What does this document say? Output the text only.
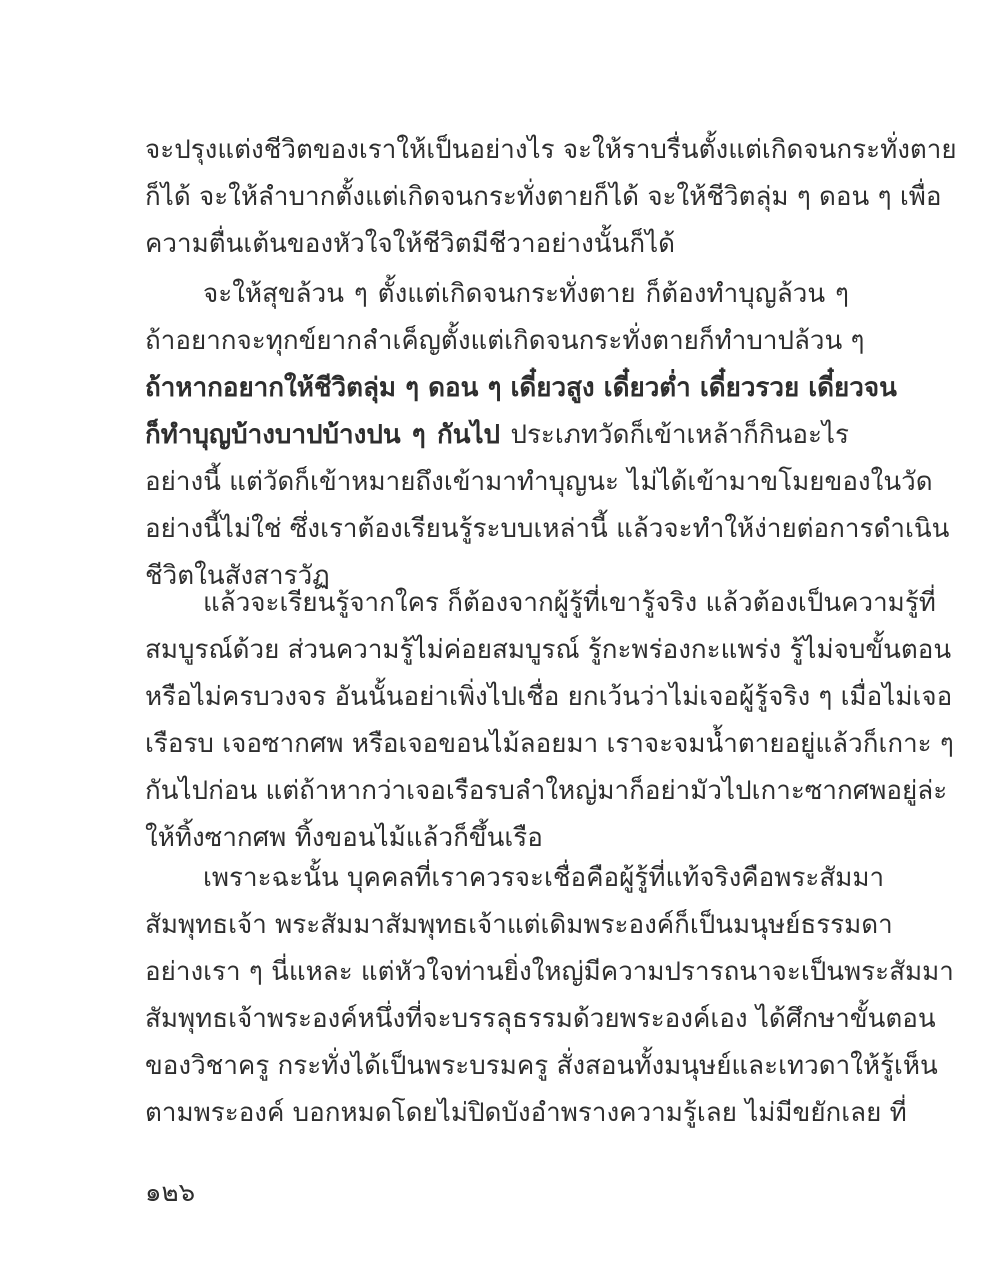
จะปรุงแต่งชีวิตของเราให้เป็นอย่างไร จะให้ราบรื่นตั้งแต่เกิดจนกระทั่งตาย
ก็ได้ จะให้ลำบากตั้งแต่เกิดจนกระทั่งตายก็ได้ จะให้ชีวิตลุ่ม ๆ ดอน ๆ เพื่อ
ความตื่นเต้นของหัวใจให้ชีวิตมีชีวาอย่างนั้นก็ได้
จะให้สุขล้วน ๆ ตั้งแต่เกิดจนกระทั่งตาย ก็ต้องทำบุญล้วน ๆ
ถ้าอยากจะทุกข์ยากลำเค็ญตั้งแต่เกิดจนกระทั่งตายก็ทำบาปล้วน ๆ
ถ้าหากอยากให้ชีวิตลุ่ม ๆ ดอน ๆ เดี๋ยวสูง เดี๋ยวต่ำ เดี๋ยวรวย เดี๋ยวจน
ก็ทำบุญบ้างบาปบ้างปน ๆ กันไป ประเภทวัดก็เข้าเหล้าก็กินอะไร
อย่างนี้ แต่วัดก็เข้าหมายถึงเข้ามาทำบุญนะ ไม่ได้เข้ามาขโมยของในวัด
อย่างนี้ไม่ใช่ ซึ่งเราต้องเรียนรู้ระบบเหล่านี้ แล้วจะทำให้ง่ายต่อการดำเนิน
ชีวิตในสังสารวัฏ
แล้วจะเรียนรู้จากใคร ก็ต้องจากผู้รู้ที่เขารู้จริง แล้วต้องเป็นความรู้ที่
สมบูรณ์ด้วย ส่วนความรู้ไม่ค่อยสมบูรณ์ รู้กะพร่องกะแพร่ง รู้ไม่จบขั้นตอน
หรือไม่ครบวงจร อันนั้นอย่าเพิ่งไปเชื่อ ยกเว้นว่าไม่เจอผู้รู้จริง ๆ เมื่อไม่เจอ
เรือรบ เจอซากศพ หรือเจอขอนไม้ลอยมา เราจะจมน้ำตายอยู่แล้วก็เกาะ ๆ
กันไปก่อน แต่ถ้าหากว่าเจอเรือรบลำใหญ่มาก็อย่ามัวไปเกาะซากศพอยู่ล่ะ
ให้ทิ้งซากศพ ทิ้งขอนไม้แล้วก็ขึ้นเรือ
เพราะฉะนั้น บุคคลที่เราควรจะเชื่อคือผู้รู้ที่แท้จริงคือพระสัมมา
สัมพุทธเจ้า พระสัมมาสัมพุทธเจ้าแต่เดิมพระองค์ก็เป็นมนุษย์ธรรมดา
อย่างเรา ๆ นี่แหละ แต่หัวใจท่านยิ่งใหญ่มีความปรารถนาจะเป็นพระสัมมา
สัมพุทธเจ้าพระองค์หนึ่งที่จะบรรลุธรรมด้วยพระองค์เอง ได้ศึกษาขั้นตอน
ของวิชาครู กระทั่งได้เป็นพระบรมครู สั่งสอนทั้งมนุษย์และเทวดาให้รู้เห็น
ตามพระองค์ บอกหมดโดยไม่ปิดบังอำพรางความรู้เลย ไม่มีขยักเลย ที่
๑๒๖
